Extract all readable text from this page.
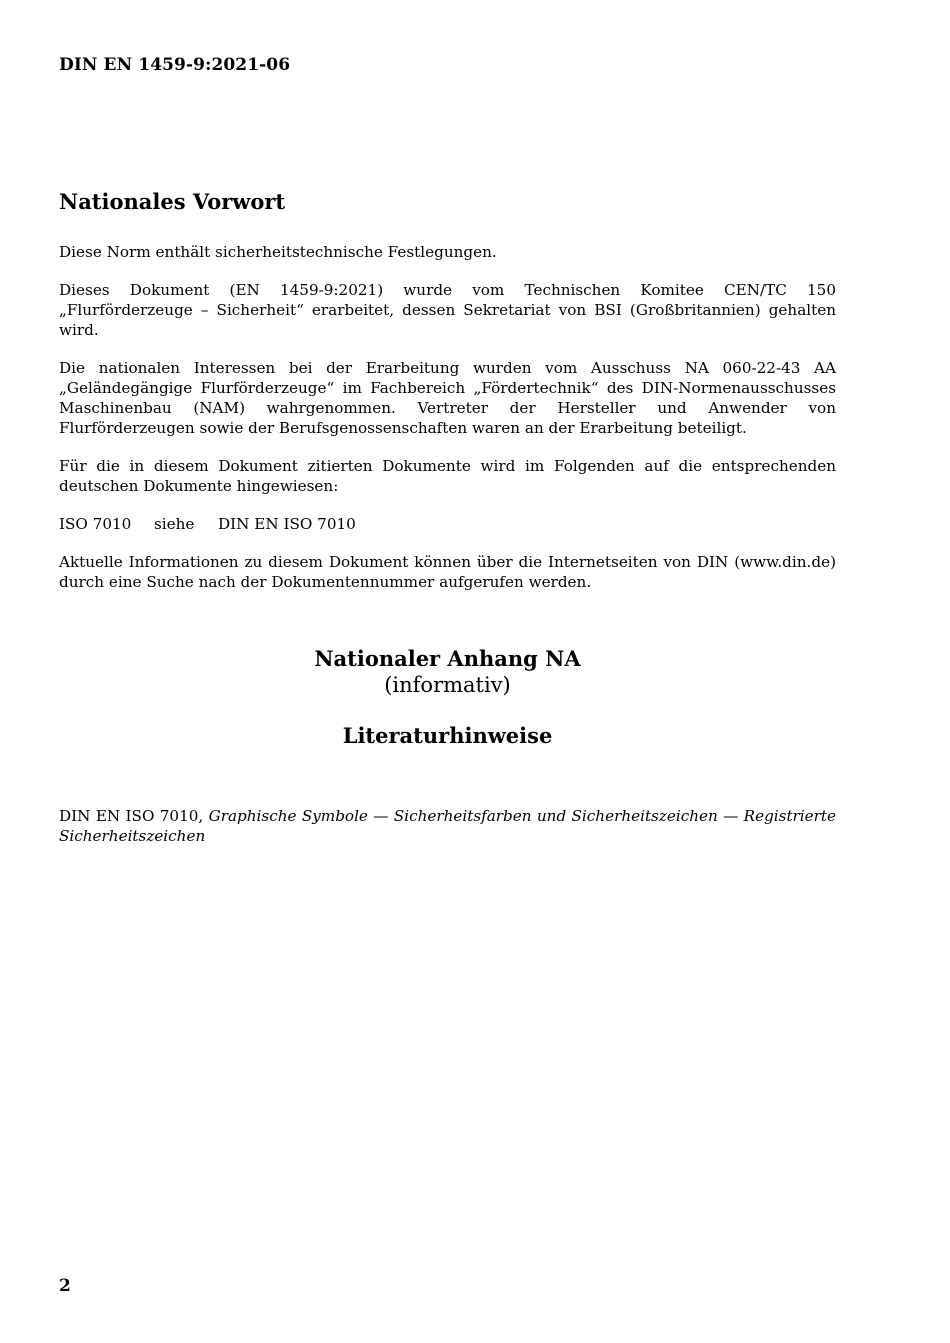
DIN EN 1459-9:2021-06
Nationales Vorwort

Diese Norm enthält sicherheitstechnische Festlegungen.

Dieses Dokument (EN 1459-9:2021) wurde vom Technischen Komitee CEN/TC 150 „Flurförderzeuge – Sicherheit“ erarbeitet, dessen Sekretariat von BSI (Großbritannien) gehalten wird.

Die nationalen Interessen bei der Erarbeitung wurden vom Ausschuss NA 060-22-43 AA „Geländegängige Flurförderzeuge“ im Fachbereich „Fördertechnik“ des DIN-Normenausschusses Maschinenbau (NAM) wahrgenommen. Vertreter der Hersteller und Anwender von Flurförderzeugen sowie der Berufsgenossenschaften waren an der Erarbeitung beteiligt.

Für die in diesem Dokument zitierten Dokumente wird im Folgenden auf die entsprechenden deutschen Dokumente hingewiesen:

ISO 7010	siehe	DIN EN ISO 7010

Aktuelle Informationen zu diesem Dokument können über die Internetseiten von DIN (www.din.de) durch eine Suche nach der Dokumentennummer aufgerufen werden.

Nationaler Anhang NA
(informativ)
Literaturhinweise
DIN EN ISO 7010, Graphische Symbole — Sicherheitsfarben und Sicherheitszeichen — Registrierte Sicherheitszeichen
2
